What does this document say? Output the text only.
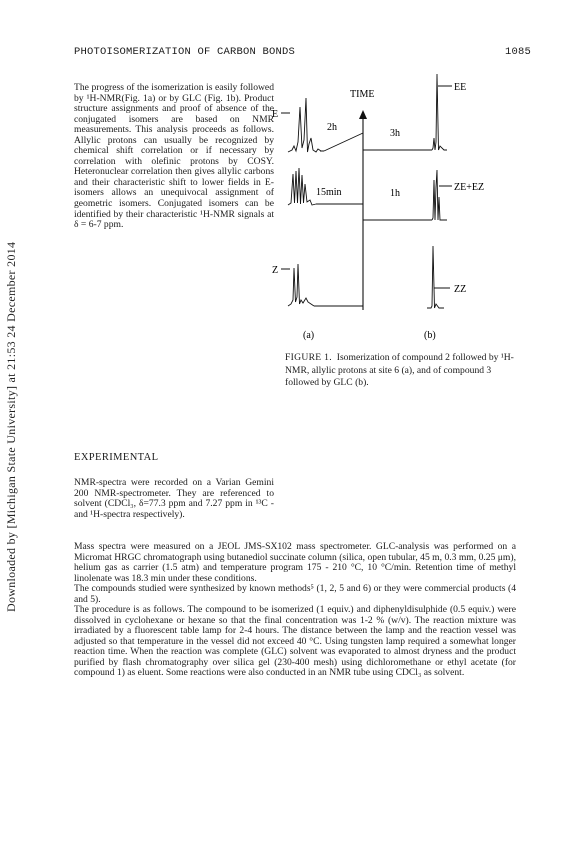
PHOTOISOMERIZATION OF CARBON BONDS	1085
Downloaded by [Michigan State University] at 21:53 24 December 2014

The progress of the isomerization is easily followed by ¹H-NMR(Fig. 1a) or by GLC (Fig. 1b). Product structure assignments and proof of absence of the conjugated isomers are based on NMR measurements. This analysis proceeds as follows. Allylic protons can usually be recognized by chemical shift correlation or if necessary by correlation with olefinic protons by COSY. Heteronuclear correlation then gives allylic carbons and their characteristic shift to lower fields in E-isomers allows an unequivocal assignment of geometric isomers. Conjugated isomers can be identified by their characteristic ¹H-NMR signals at δ = 6-7 ppm.

TIME
E
Z
2h
15min
3h
EE
1h
ZE+EZ
ZZ
(a)	(b)
FIGURE 1. Isomerization of compound 2 followed by ¹H-NMR, allylic protons at site 6 (a), and of compound 3 followed by GLC (b).
EXPERIMENTAL

NMR-spectra were recorded on a Varian Gemini 200 NMR-spectrometer. They are referenced to solvent (CDCl₃, δ=77.3 ppm and 7.27 ppm in ¹³C - and ¹H-spectra respectively).

Mass spectra were measured on a JEOL JMS-SX102 mass spectrometer. GLC-analysis was performed on a Micromat HRGC chromatograph using butanediol succinate column (silica, open tubular, 45 m, 0.3 mm, 0.25 μm), helium gas as carrier (1.5 atm) and temperature program 175 - 210 °C, 10 °C/min. Retention time of methyl linolenate was 18.3 min under these conditions.

The compounds studied were synthesized by known methods⁵ (1, 2, 5 and 6) or they were commercial products (4 and 5).

The procedure is as follows. The compound to be isomerized (1 equiv.) and diphenyldisulphide (0.5 equiv.) were dissolved in cyclohexane or hexane so that the final concentration was 1-2 % (w/v). The reaction mixture was irradiated by a fluorescent table lamp for 2-4 hours. The distance between the lamp and the reaction vessel was adjusted so that temperature in the vessel did not exceed 40 °C. Using tungsten lamp required a somewhat longer reaction time. When the reaction was complete (GLC) solvent was evaporated to almost dryness and the product purified by flash chromatography over silica gel (230-400 mesh) using dichloromethane or ethyl acetate (for compound 1) as eluent. Some reactions were also conducted in an NMR tube using CDCl₃ as solvent.
